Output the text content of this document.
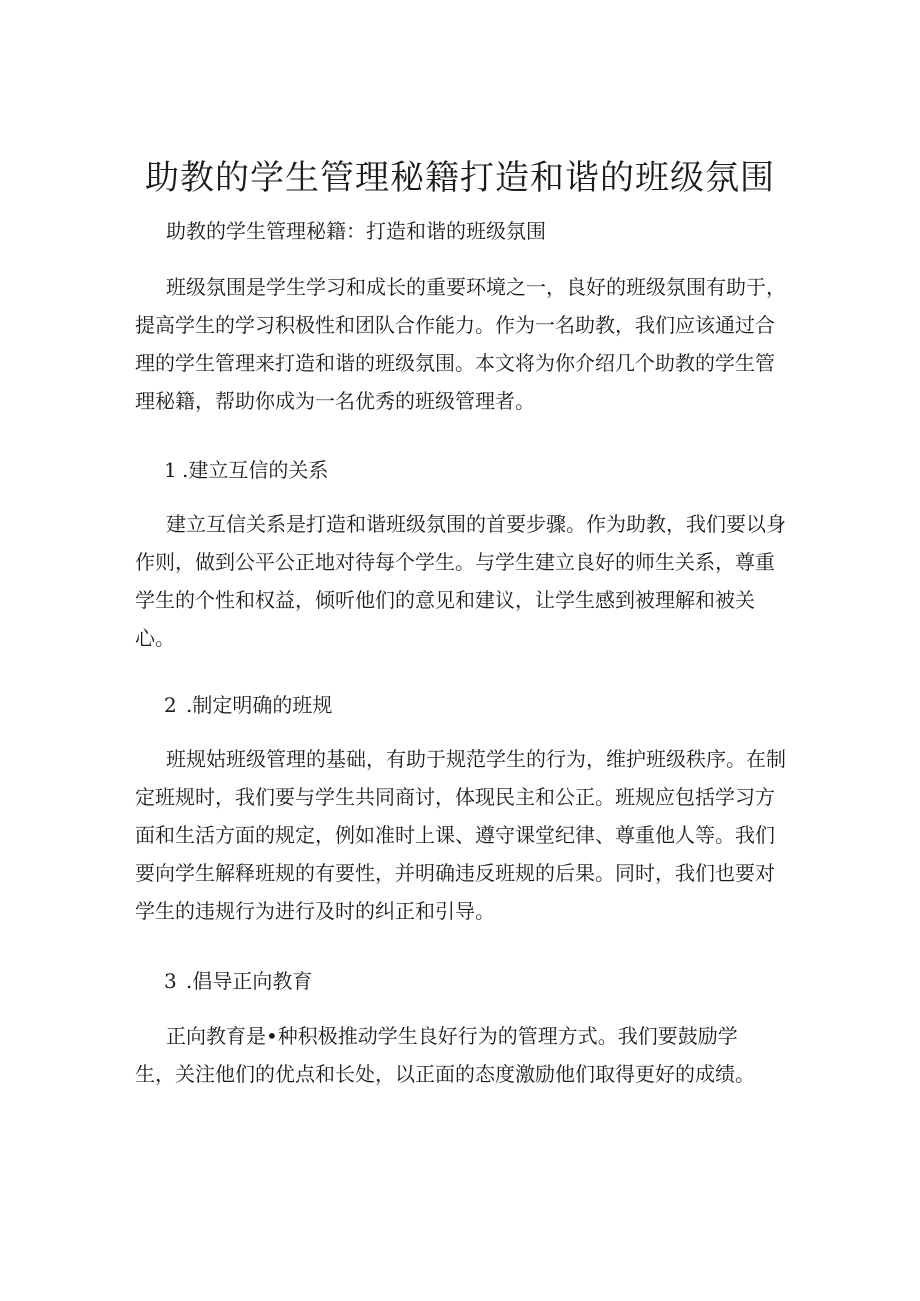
助教的学生管理秘籍打造和谐的班级氛围

助教的学生管理秘籍：打造和谐的班级氛围

班级氛围是学生学习和成长的重要环境之一，良好的班级氛围有助于，
提高学生的学习积极性和团队合作能力。作为一名助教，我们应该通过合
理的学生管理来打造和谐的班级氛围。本文将为你介绍几个助教的学生管
理秘籍，帮助你成为一名优秀的班级管理者。

1 .建立互信的关系

建立互信关系是打造和谐班级氛围的首要步骤。作为助教，我们要以身
作则，做到公平公正地对待每个学生。与学生建立良好的师生关系，尊重
学生的个性和权益，倾听他们的意见和建议，让学生感到被理解和被关
心。

2 .制定明确的班规

班规姑班级管理的基础，有助于规范学生的行为，维护班级秩序。在制
定班规时，我们要与学生共同商讨，体现民主和公正。班规应包括学习方
面和生活方面的规定，例如准时上课、遵守课堂纪律、尊重他人等。我们
要向学生解释班规的有要性，并明确违反班规的后果。同时，我们也要对
学生的违规行为进行及时的纠正和引导。

3 .倡导正向教育

正向教育是•种积极推动学生良好行为的管理方式。我们要鼓励学
生，关注他们的优点和长处，以正面的态度激励他们取得更好的成绩。
